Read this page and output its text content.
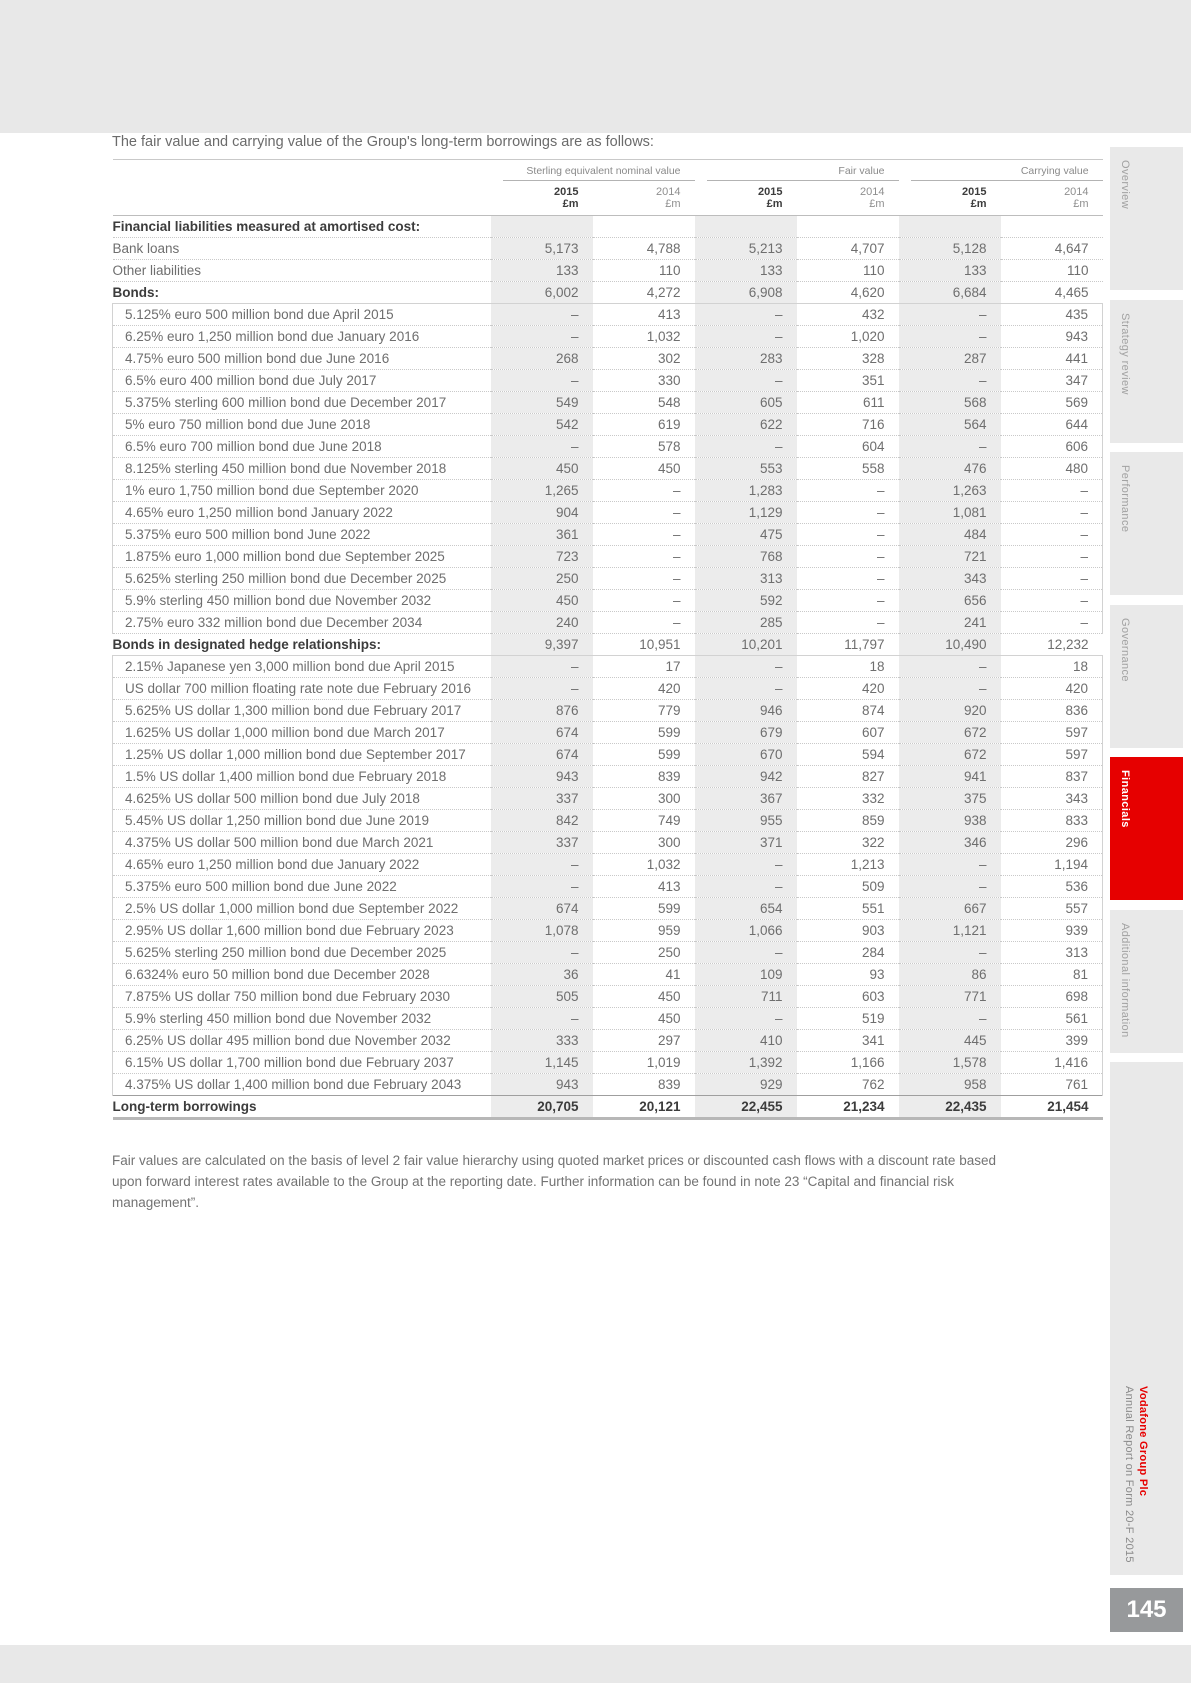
The fair value and carrying value of the Group's long-term borrowings are as follows:

	Sterling equivalent nominal value		Fair value		Carrying value	

	2015	2014	2015	2014	2015	2014
	£m	£m	£m	£m	£m	£m
Financial liabilities measured at amortised cost:						
Bank loans	5,173	4,788	5,213	4,707	5,128	4,647
Other liabilities	133	110	133	110	133	110
Bonds:	6,002	4,272	6,908	4,620	6,684	4,465
5.125% euro 500 million bond due April 2015	–	413	–	432	–	435
6.25% euro 1,250 million bond due January 2016	–	1,032	–	1,020	–	943
4.75% euro 500 million bond due June 2016	268	302	283	328	287	441
6.5% euro 400 million bond due July 2017	–	330	–	351	–	347
5.375% sterling 600 million bond due December 2017	549	548	605	611	568	569
5% euro 750 million bond due June 2018	542	619	622	716	564	644
6.5% euro 700 million bond due June 2018	–	578	–	604	–	606
8.125% sterling 450 million bond due November 2018	450	450	553	558	476	480
1% euro 1,750 million bond due September 2020	1,265	–	1,283	–	1,263	–
4.65% euro 1,250 million bond January 2022	904	–	1,129	–	1,081	–
5.375% euro 500 million bond June 2022	361	–	475	–	484	–
1.875% euro 1,000 million bond due September 2025	723	–	768	–	721	–
5.625% sterling 250 million bond due December 2025	250	–	313	–	343	–
5.9% sterling 450 million bond due November 2032	450	–	592	–	656	–
2.75% euro 332 million bond due December 2034	240	–	285	–	241	–
Bonds in designated hedge relationships:	9,397	10,951	10,201	11,797	10,490	12,232
2.15% Japanese yen 3,000 million bond due April 2015	–	17	–	18	–	18
US dollar 700 million floating rate note due February 2016	–	420	–	420	–	420
5.625% US dollar 1,300 million bond due February 2017	876	779	946	874	920	836
1.625% US dollar 1,000 million bond due March 2017	674	599	679	607	672	597
1.25% US dollar 1,000 million bond due September 2017	674	599	670	594	672	597
1.5% US dollar 1,400 million bond due February 2018	943	839	942	827	941	837
4.625% US dollar 500 million bond due July 2018	337	300	367	332	375	343
5.45% US dollar 1,250 million bond due June 2019	842	749	955	859	938	833
4.375% US dollar 500 million bond due March 2021	337	300	371	322	346	296
4.65% euro 1,250 million bond due January 2022	–	1,032	–	1,213	–	1,194
5.375% euro 500 million bond due June 2022	–	413	–	509	–	536
2.5% US dollar 1,000 million bond due September 2022	674	599	654	551	667	557
2.95% US dollar 1,600 million bond due February 2023	1,078	959	1,066	903	1,121	939
5.625% sterling 250 million bond due December 2025	–	250	–	284	–	313
6.6324% euro 50 million bond due December 2028	36	41	109	93	86	81
7.875% US dollar 750 million bond due February 2030	505	450	711	603	771	698
5.9% sterling 450 million bond due November 2032	–	450	–	519	–	561
6.25% US dollar 495 million bond due November 2032	333	297	410	341	445	399
6.15% US dollar 1,700 million bond due February 2037	1,145	1,019	1,392	1,166	1,578	1,416
4.375% US dollar 1,400 million bond due February 2043	943	839	929	762	958	761
Long-term borrowings	20,705	20,121	22,455	21,234	22,435	21,454
Fair values are calculated on the basis of level 2 fair value hierarchy using quoted market prices or discounted cash flows with a discount rate based upon forward interest rates available to the Group at the reporting date. Further information can be found in note 23 “Capital and financial risk management”.
Vodafone Group Plc
Annual Report on Form 20-F 2015
Overview
Strategy review
Performance
Governance
Financials
Additional information
145
